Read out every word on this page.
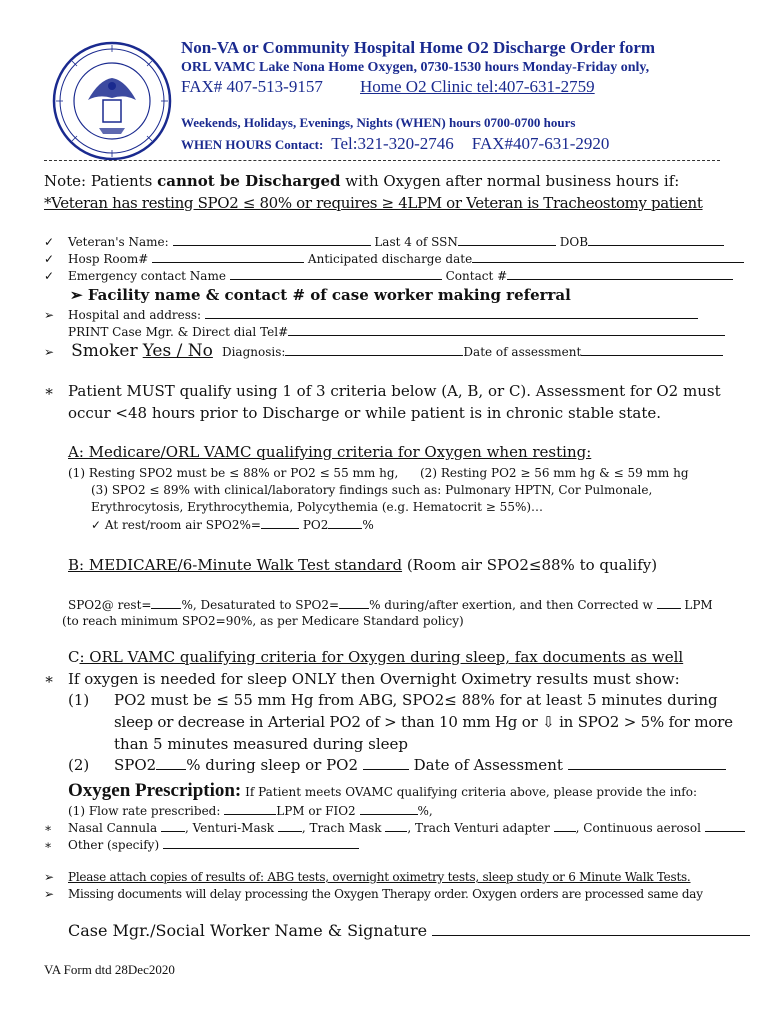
Non-VA or Community Hospital Home O2 Discharge Order form
ORL VAMC Lake Nona Home Oxygen, 0730-1530 hours Monday-Friday only,
FAX# 407-513-9157 Home O2 Clinic tel:407-631-2759
Weekends, Holidays, Evenings, Nights (WHEN) hours 0700-0700 hours
WHEN HOURS Contact: Tel:321-320-2746 FAX#407-631-2920
Note: Patients cannot be Discharged with Oxygen after normal business hours if:
*Veteran has resting SPO2 ≤ 80% or requires ≥ 4LPM or Veteran is Tracheostomy patient
✓ Veteran's Name:	Last 4 of SSN	DOB
✓ Hosp Room#	Anticipated discharge date
✓ Emergency contact Name	Contact #
➢ Facility name & contact # of case worker making referral
➢ Hospital and address:
PRINT Case Mgr. & Direct dial Tel#
➢ Smoker Yes / No Diagnosis:	Date of assessment
∗ Patient MUST qualify using 1 of 3 criteria below (A, B, or C). Assessment for O2 must
occur <48 hours prior to Discharge or while patient is in chronic stable state.
A: Medicare/ORL VAMC qualifying criteria for Oxygen when resting:
(1) Resting SPO2 must be ≤ 88% or PO2 ≤ 55 mm hg, (2) Resting PO2 ≥ 56 mm hg & ≤ 59 mm hg
(3) SPO2 ≤ 89% with clinical/laboratory findings such as: Pulmonary HPTN, Cor Pulmonale,
Erythrocytosis, Erythrocythemia, Polycythemia (e.g. Hematocrit ≥ 55%)…
✓ At rest/room air SPO2%=	PO2	%
B: MEDICARE/6-Minute Walk Test standard (Room air SPO2≤88% to qualify)
SPO2@ rest=	%, Desaturated to SPO2=	% during/after exertion, and then Corrected w	LPM
(to reach minimum SPO2=90%, as per Medicare Standard policy)
C: ORL VAMC qualifying criteria for Oxygen during sleep, fax documents as well
∗ If oxygen is needed for sleep ONLY then Overnight Oximetry results must show:
(1) PO2 must be ≤ 55 mm Hg from ABG, SPO2≤ 88% for at least 5 minutes during
sleep or decrease in Arterial PO2 of > than 10 mm Hg or ⇩ in SPO2 > 5% for more
than 5 minutes measured during sleep
(2) SPO2 % during sleep or PO2	Date of Assessment
Oxygen Prescription: If Patient meets OVAMC qualifying criteria above, please provide the info:
(1) Flow rate prescribed:	LPM or FIO2	%,
∗ Nasal Cannula , Venturi-Mask , Trach Mask , Trach Venturi adapter , Continuous aerosol
∗ Other (specify)
➢ Please attach copies of results of: ABG tests, overnight oximetry tests, sleep study or 6 Minute Walk Tests.
➢ Missing documents will delay processing the Oxygen Therapy order. Oxygen orders are processed same day
Case Mgr./Social Worker Name & Signature
VA Form dtd 28Dec2020
